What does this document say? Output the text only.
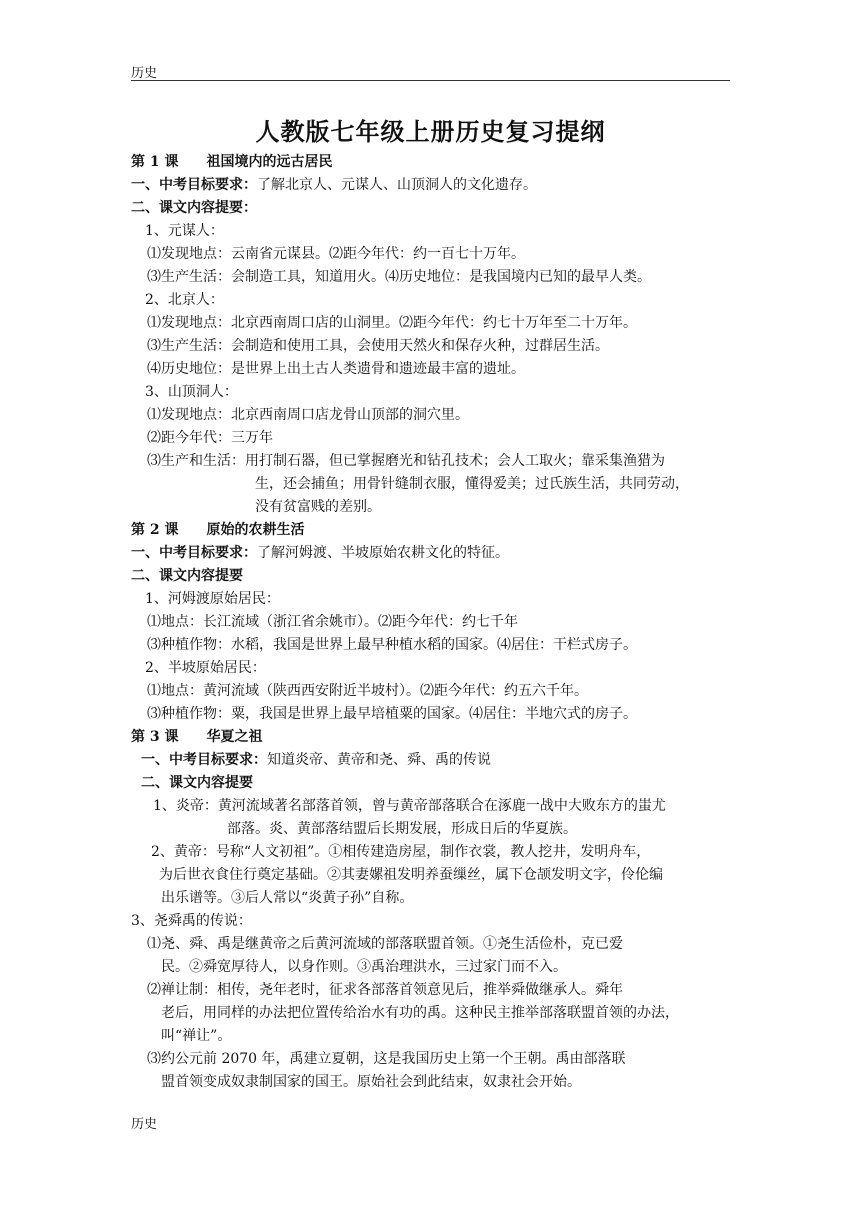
历史
人教版七年级上册历史复习提纲
第 1 课　　祖国境内的远古居民
一、中考目标要求：了解北京人、元谋人、山顶洞人的文化遗存。
二、课文内容提要：
1、元谋人：
⑴发现地点：云南省元谋县。⑵距今年代：约一百七十万年。
⑶生产生活：会制造工具，知道用火。⑷历史地位：是我国境内已知的最早人类。
2、北京人：
⑴发现地点：北京西南周口店的山洞里。⑵距今年代：约七十万年至二十万年。
⑶生产生活：会制造和使用工具，会使用天然火和保存火种，过群居生活。
⑷历史地位：是世界上出土古人类遗骨和遗迹最丰富的遗址。
3、山顶洞人：
⑴发现地点：北京西南周口店龙骨山顶部的洞穴里。
⑵距今年代：三万年
⑶生产和生活：用打制石器，但已掌握磨光和钻孔技术；会人工取火；靠采集渔猎为
生，还会捕鱼；用骨针缝制衣服，懂得爱美；过氏族生活，共同劳动，
没有贫富贱的差别。
第 2 课　　原始的农耕生活
一、中考目标要求：了解河姆渡、半坡原始农耕文化的特征。
二、课文内容提要
1、河姆渡原始居民：
⑴地点：长江流域（浙江省余姚市）。⑵距今年代：约七千年
⑶种植作物：水稻，我国是世界上最早种植水稻的国家。⑷居住：干栏式房子。
2、半坡原始居民：
⑴地点：黄河流域（陕西西安附近半坡村）。⑵距今年代：约五六千年。
⑶种植作物：粟，我国是世界上最早培植粟的国家。⑷居住：半地穴式的房子。
第 3 课　　华夏之祖
一、中考目标要求：知道炎帝、黄帝和尧、舜、禹的传说
二、课文内容提要
1、炎帝：黄河流域著名部落首领，曾与黄帝部落联合在涿鹿一战中大败东方的蚩尤
部落。炎、黄部落结盟后长期发展，形成日后的华夏族。
2、黄帝：号称“人文初祖”。①相传建造房屋，制作衣裳，教人挖井，发明舟车，
为后世衣食住行奠定基础。②其妻嫘祖发明养蚕缫丝，属下仓颉发明文字，伶伦编
出乐谱等。③后人常以“炎黄子孙”自称。
3、尧舜禹的传说：
⑴尧、舜、禹是继黄帝之后黄河流域的部落联盟首领。①尧生活俭朴，克已爱
民。②舜宽厚待人，以身作则。③禹治理洪水，三过家门而不入。
⑵禅让制：相传，尧年老时，征求各部落首领意见后，推举舜做继承人。舜年
老后，用同样的办法把位置传给治水有功的禹。这种民主推举部落联盟首领的办法，
叫“禅让”。
⑶约公元前 2070 年，禹建立夏朝，这是我国历史上第一个王朝。禹由部落联
盟首领变成奴隶制国家的国王。原始社会到此结束，奴隶社会开始。
历史
